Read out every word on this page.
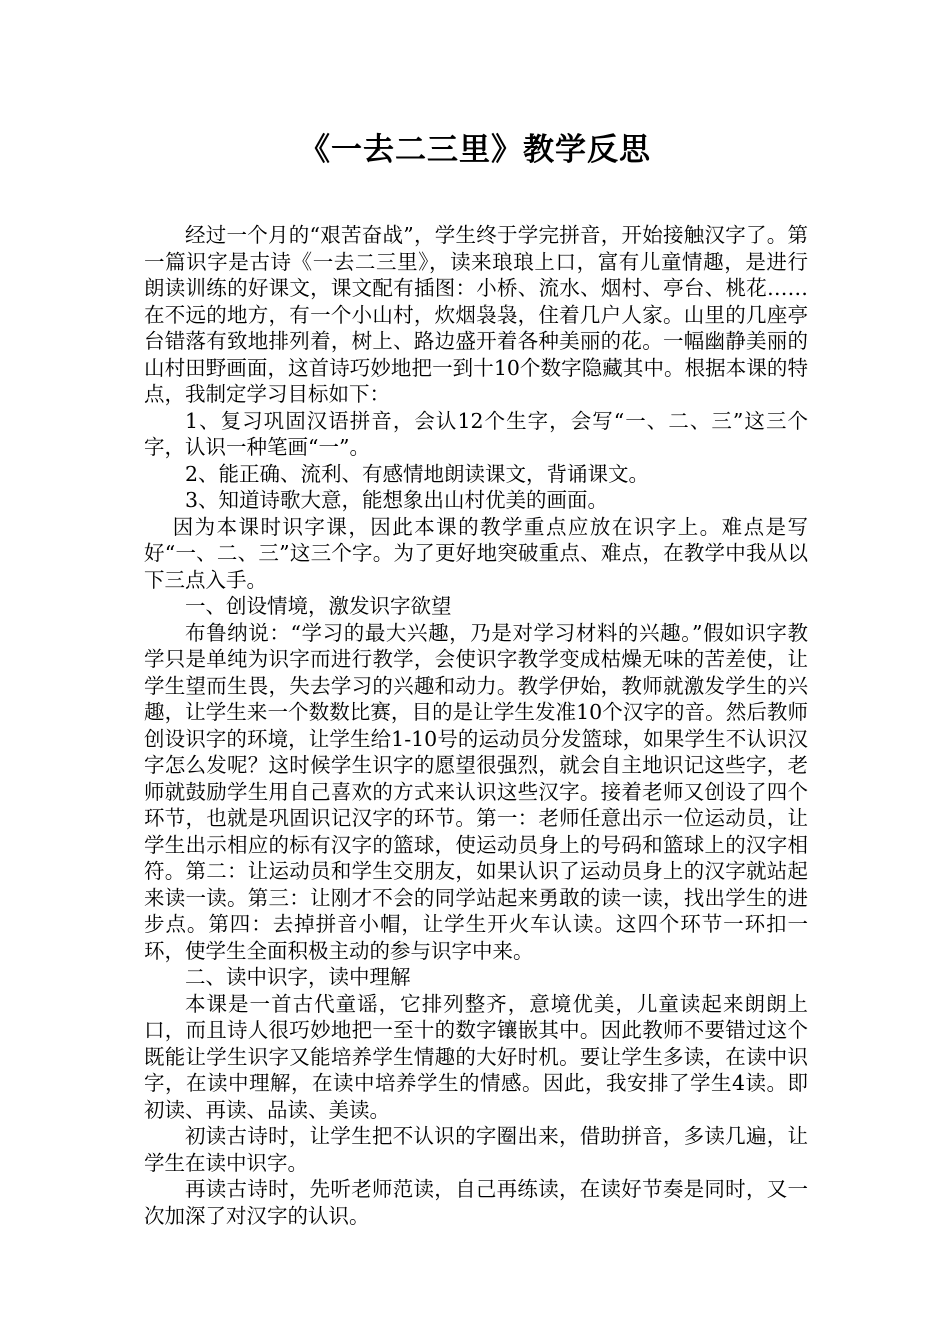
《一去二三里》教学反思

经过一个月的“艰苦奋战”，学生终于学完拼音，开始接触汉字了。第一篇识字是古诗《一去二三里》，读来琅琅上口，富有儿童情趣，是进行朗读训练的好课文，课文配有插图：小桥、流水、烟村、亭台、桃花……在不远的地方，有一个小山村，炊烟袅袅，住着几户人家。山里的几座亭台错落有致地排列着，树上、路边盛开着各种美丽的花。一幅幽静美丽的山村田野画面，这首诗巧妙地把一到十10个数字隐藏其中。根据本课的特点，我制定学习目标如下：

1、复习巩固汉语拼音，会认12个生字，会写“一、二、三”这三个字，认识一种笔画“一”。

2、能正确、流利、有感情地朗读课文，背诵课文。

3、知道诗歌大意，能想象出山村优美的画面。

因为本课时识字课，因此本课的教学重点应放在识字上。难点是写好“一、二、三”这三个字。为了更好地突破重点、难点，在教学中我从以下三点入手。

一、创设情境，激发识字欲望

布鲁纳说：“学习的最大兴趣，乃是对学习材料的兴趣。”假如识字教学只是单纯为识字而进行教学，会使识字教学变成枯燥无味的苦差使，让学生望而生畏，失去学习的兴趣和动力。教学伊始，教师就激发学生的兴趣，让学生来一个数数比赛，目的是让学生发准10个汉字的音。然后教师创设识字的环境，让学生给1-10号的运动员分发篮球，如果学生不认识汉字怎么发呢？这时候学生识字的愿望很强烈，就会自主地识记这些字，老师就鼓励学生用自己喜欢的方式来认识这些汉字。接着老师又创设了四个环节，也就是巩固识记汉字的环节。第一：老师任意出示一位运动员，让学生出示相应的标有汉字的篮球，使运动员身上的号码和篮球上的汉字相符。第二：让运动员和学生交朋友，如果认识了运动员身上的汉字就站起来读一读。第三：让刚才不会的同学站起来勇敢的读一读，找出学生的进步点。第四：去掉拼音小帽，让学生开火车认读。这四个环节一环扣一环，使学生全面积极主动的参与识字中来。

二、读中识字，读中理解

本课是一首古代童谣，它排列整齐，意境优美，儿童读起来朗朗上口，而且诗人很巧妙地把一至十的数字镶嵌其中。因此教师不要错过这个既能让学生识字又能培养学生情趣的大好时机。要让学生多读，在读中识字，在读中理解，在读中培养学生的情感。因此，我安排了学生4读。即初读、再读、品读、美读。

初读古诗时，让学生把不认识的字圈出来，借助拼音，多读几遍，让学生在读中识字。

再读古诗时，先听老师范读，自己再练读，在读好节奏是同时，又一次加深了对汉字的认识。
